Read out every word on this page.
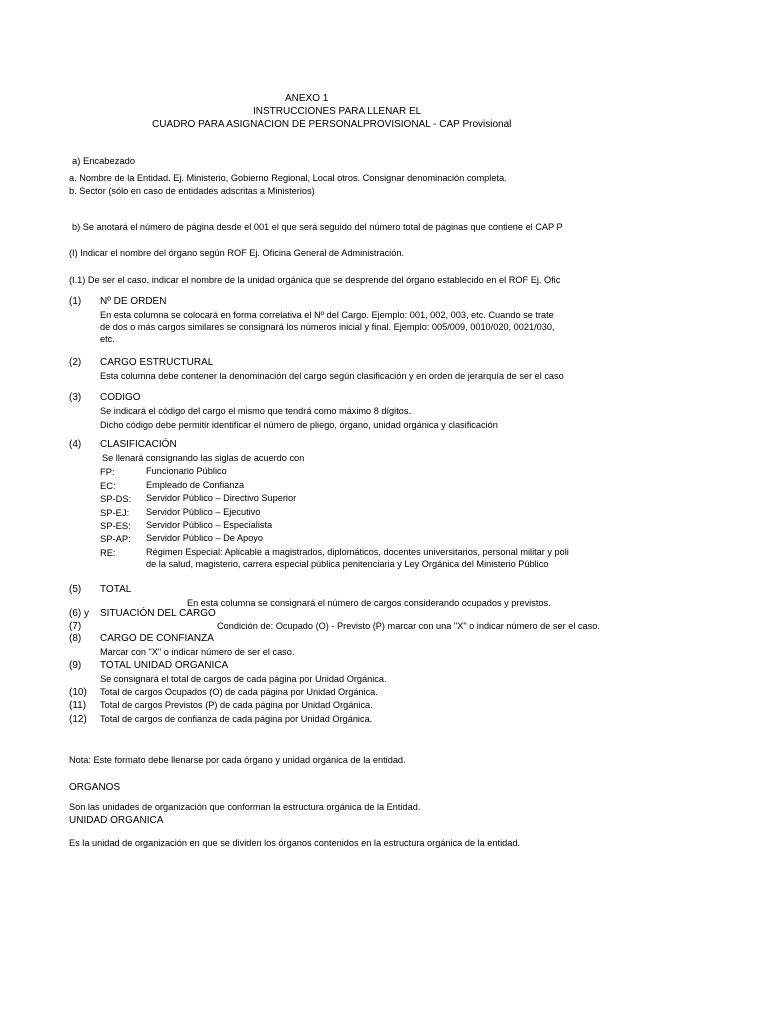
ANEXO 1
INSTRUCCIONES PARA LLENAR EL
CUADRO PARA ASIGNACION DE PERSONALPROVISIONAL - CAP Provisional
a) Encabezado
a. Nombre de la Entidad. Ej. Ministerio, Gobierno Regional, Local otros. Consignar denominación completa.
b. Sector (sólo en caso de entidades adscritas a Ministerios)
b) Se anotará el número de página desde el 001 el que será seguido del número total de páginas que contiene el CAP P
(I) Indicar el nombre del órgano según ROF Ej. Oficina General de Administración.
(I.1) De ser el caso, indicar el nombre de la unidad orgánica que se desprende del órgano establecido en el ROF Ej. Ofic
(1) Nº DE ORDEN
En esta columna se colocará en forma correlativa el Nº del Cargo. Ejemplo: 001, 002, 003, etc. Cuando se trate
de dos o más cargos similares se consignará los números inicial y final. Ejemplo: 005/009, 0010/020, 0021/030,
etc.
(2) CARGO ESTRUCTURAL
Esta columna debe contener la denominación del cargo según clasificación y en orden de jerarquía de ser el caso
(3) CODIGO
Se indicará el código del cargo el mismo que tendrá como máximo 8 dígitos.
Dicho código debe permitir identificar el número de pliego, órgano, unidad orgánica y clasificación
(4) CLASIFICACIÓN
Se llenará consignando las siglas de acuerdo con
FP:	Funcionario Público
EC:	Empleado de Confianza
SP-DS: Servidor Público – Directivo Superior
SP-EJ: Servidor Público – Ejecutivo
SP-ES: Servidor Público – Especialista
SP-AP: Servidor Público – De Apoyo
RE:	Régimen Especial: Aplicable a magistrados, diplomáticos, docentes universitarios, personal militar y poli
de la salud, magisterio, carrera especial pública penitenciaria y Ley Orgánica del Ministerio Público
(5) TOTAL
En esta columna se consignará el número de cargos considerando ocupados y previstos.
(6) y SITUACIÓN DEL CARGO
(7)	Condición de: Ocupado (O) - Previsto (P) marcar con una "X" o indicar número de ser el caso.
(8) CARGO DE CONFIANZA
Marcar con "X" o indicar número de ser el caso.
(9) TOTAL UNIDAD ORGANICA
Se consignará el total de cargos de cada página por Unidad Orgánica.
(10) Total de cargos Ocupados (O) de cada página por Unidad Orgánica.
(11) Total de cargos Previstos (P) de cada página por Unidad Orgánica.
(12) Total de cargos de confianza de cada página por Unidad Orgánica.
Nota: Este formato debe llenarse por cada órgano y unidad orgánica de la entidad.
ORGANOS
Son las unidades de organización que conforman la estructura orgánica de la Entidad.
UNIDAD ORGANICA
Es la unidad de organización en que se dividen los órganos contenidos en la estructura orgánica de la entidad.
